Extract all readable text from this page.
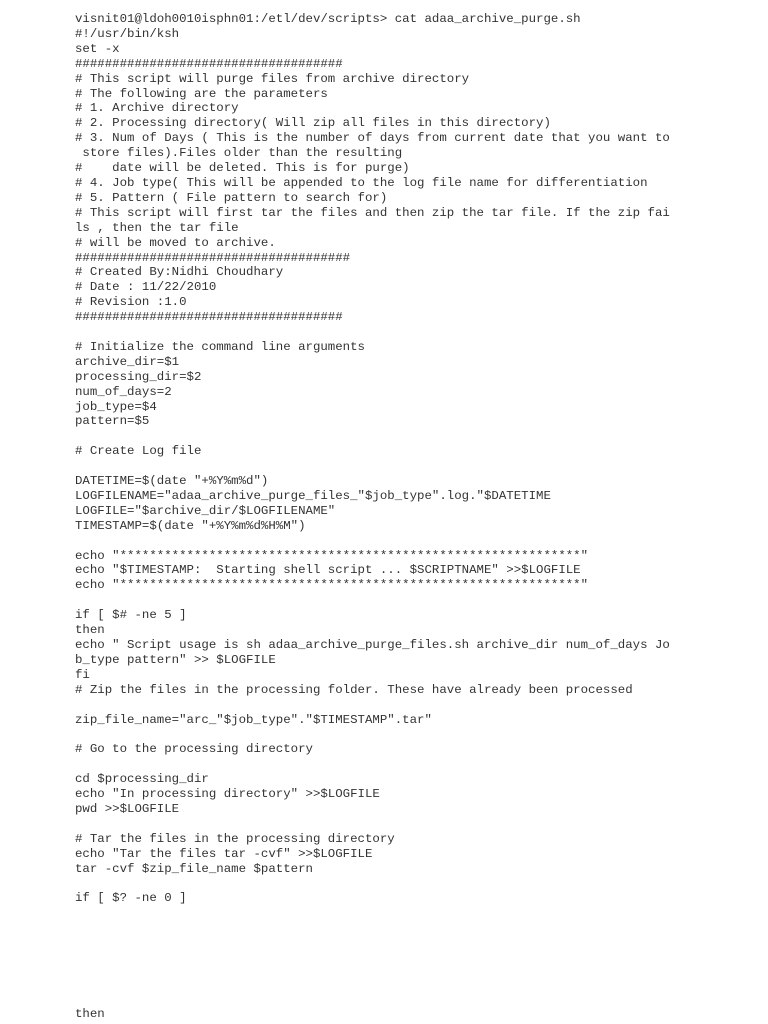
visnit01@ldoh0010isphn01:/etl/dev/scripts> cat adaa_archive_purge.sh
#!/usr/bin/ksh
set -x
####################################
# This script will purge files from archive directory
# The following are the parameters
# 1. Archive directory
# 2. Processing directory( Will zip all files in this directory)
# 3. Num of Days ( This is the number of days from current date that you want to
store files).Files older than the resulting
#    date will be deleted. This is for purge)
# 4. Job type( This will be appended to the log file name for differentiation
# 5. Pattern ( File pattern to search for)
# This script will first tar the files and then zip the tar file. If the zip fai
ls , then the tar file
# will be moved to archive.
#####################################
# Created By:Nidhi Choudhary
# Date : 11/22/2010
# Revision :1.0
####################################
# Initialize the command line arguments
archive_dir=$1
processing_dir=$2
num_of_days=2
job_type=$4
pattern=$5
# Create Log file
DATETIME=$(date "+%Y%m%d")
LOGFILENAME="adaa_archive_purge_files_"$job_type".log."$DATETIME
LOGFILE="$archive_dir/$LOGFILENAME"
TIMESTAMP=$(date "+%Y%m%d%H%M")
echo "**************************************************************"
echo "$TIMESTAMP:  Starting shell script ... $SCRIPTNAME" >>$LOGFILE
echo "**************************************************************"
if [ $# -ne 5 ]
then
echo " Script usage is sh adaa_archive_purge_files.sh archive_dir num_of_days Jo
b_type pattern" >> $LOGFILE
fi
# Zip the files in the processing folder. These have already been processed
zip_file_name="arc_"$job_type"."$TIMESTAMP".tar"
# Go to the processing directory
cd $processing_dir
echo "In processing directory" >>$LOGFILE
pwd >>$LOGFILE
# Tar the files in the processing directory
echo "Tar the files tar -cvf" >>$LOGFILE
tar -cvf $zip_file_name $pattern
if [ $? -ne 0 ]
then
